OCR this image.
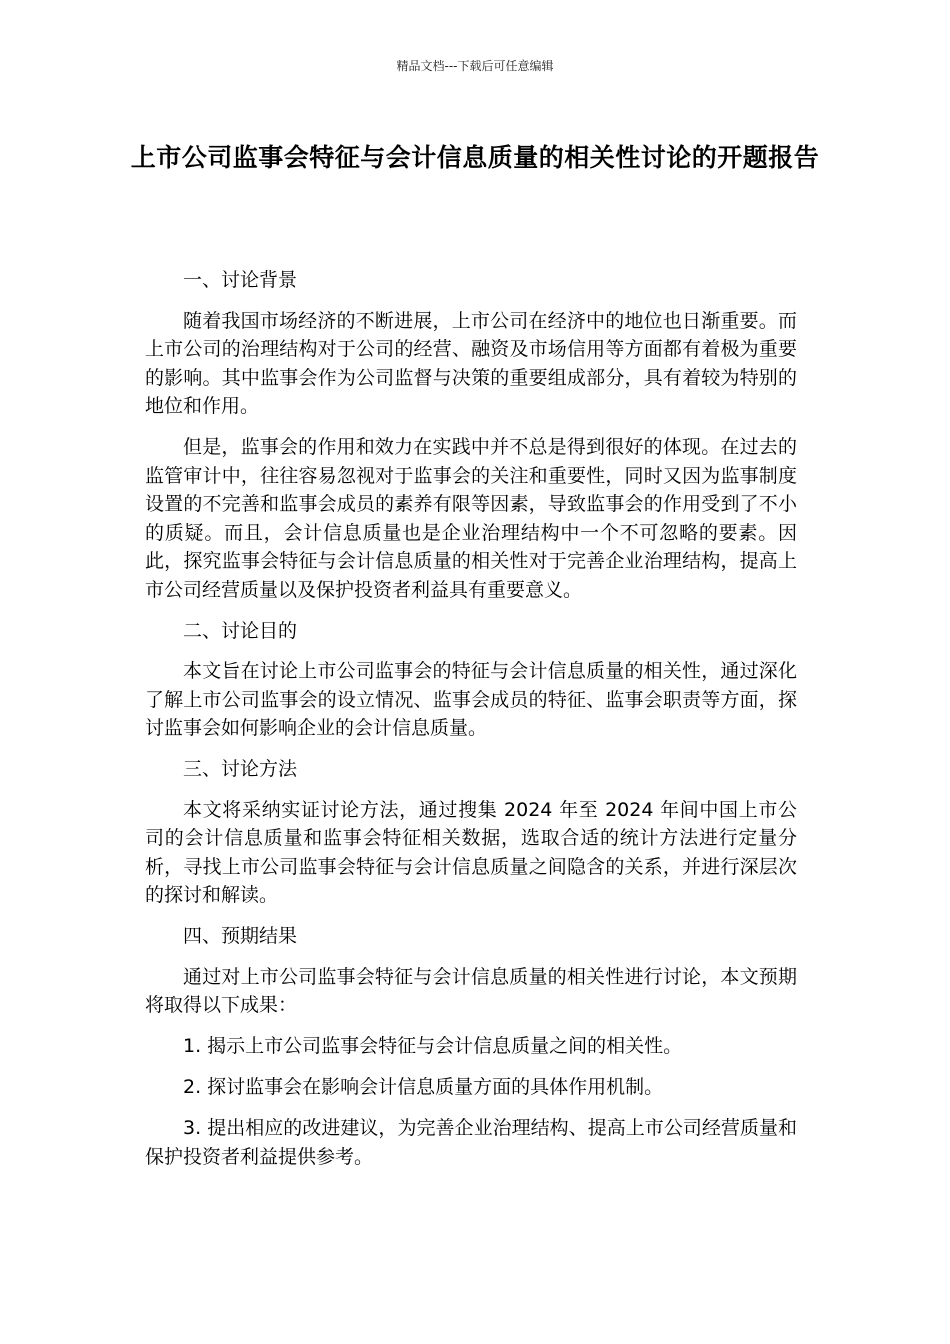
精品文档---下载后可任意编辑
上市公司监事会特征与会计信息质量的相关性讨论的开题报告

一、讨论背景

随着我国市场经济的不断进展，上市公司在经济中的地位也日渐重要。而上市公司的治理结构对于公司的经营、融资及市场信用等方面都有着极为重要的影响。其中监事会作为公司监督与决策的重要组成部分，具有着较为特别的地位和作用。

但是，监事会的作用和效力在实践中并不总是得到很好的体现。在过去的监管审计中，往往容易忽视对于监事会的关注和重要性，同时又因为监事制度设置的不完善和监事会成员的素养有限等因素，导致监事会的作用受到了不小的质疑。而且，会计信息质量也是企业治理结构中一个不可忽略的要素。因此，探究监事会特征与会计信息质量的相关性对于完善企业治理结构，提高上市公司经营质量以及保护投资者利益具有重要意义。

二、讨论目的

本文旨在讨论上市公司监事会的特征与会计信息质量的相关性，通过深化了解上市公司监事会的设立情况、监事会成员的特征、监事会职责等方面，探讨监事会如何影响企业的会计信息质量。

三、讨论方法

本文将采纳实证讨论方法，通过搜集 2024 年至 2024 年间中国上市公司的会计信息质量和监事会特征相关数据，选取合适的统计方法进行定量分析，寻找上市公司监事会特征与会计信息质量之间隐含的关系，并进行深层次的探讨和解读。

四、预期结果

通过对上市公司监事会特征与会计信息质量的相关性进行讨论，本文预期将取得以下成果：

1. 揭示上市公司监事会特征与会计信息质量之间的相关性。

2. 探讨监事会在影响会计信息质量方面的具体作用机制。

3. 提出相应的改进建议，为完善企业治理结构、提高上市公司经营质量和保护投资者利益提供参考。
